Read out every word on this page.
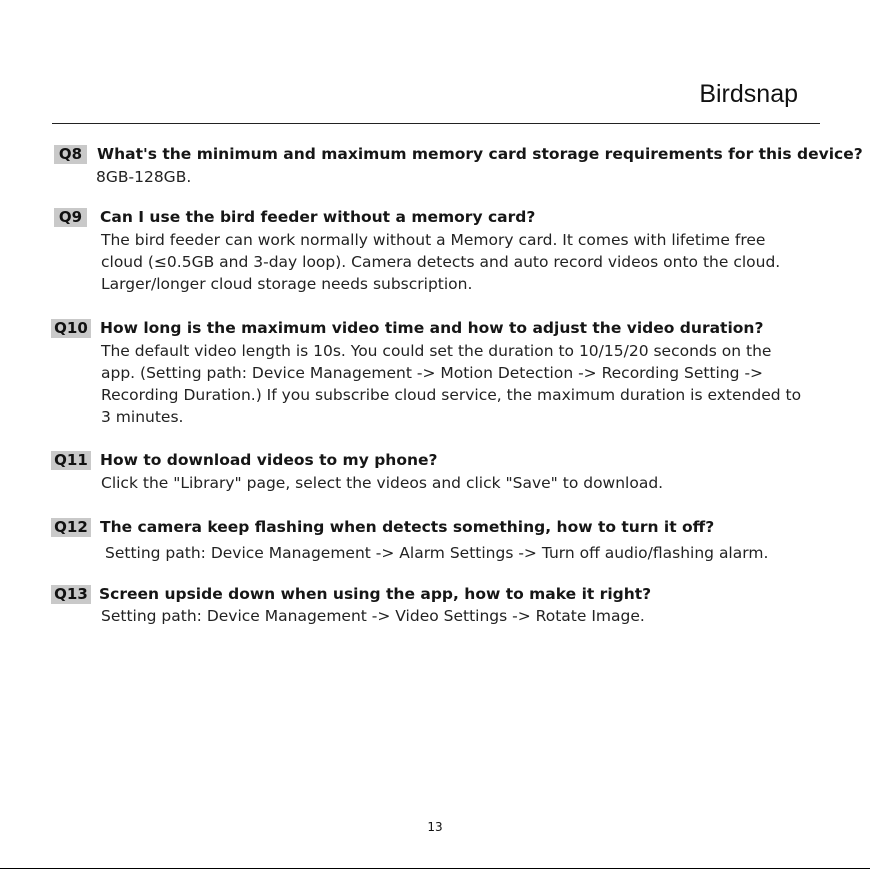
Birdsnap
Q8 What's the minimum and maximum memory card storage requirements for this device?

8GB-128GB.

Q9	Can I use the bird feeder without a memory card?

The bird feeder can work normally without a Memory card. It comes with lifetime free
cloud (≤0.5GB and 3-day loop). Camera detects and auto record videos onto the cloud.
Larger/longer cloud storage needs subscription.

Q10 How long is the maximum video time and how to adjust the video duration?

The default video length is 10s. You could set the duration to 10/15/20 seconds on the
app. (Setting path: Device Management -> Motion Detection -> Recording Setting ->
Recording Duration.) If you subscribe cloud service, the maximum duration is extended to
3 minutes.

Q11 How to download videos to my phone?

Click the "Library" page, select the videos and click "Save" to download.

Q12 The camera keep flashing when detects something, how to turn it off?

Setting path: Device Management -> Alarm Settings -> Turn off audio/flashing alarm.

Q13 Screen upside down when using the app, how to make it right?

Setting path: Device Management -> Video Settings -> Rotate Image.

13
